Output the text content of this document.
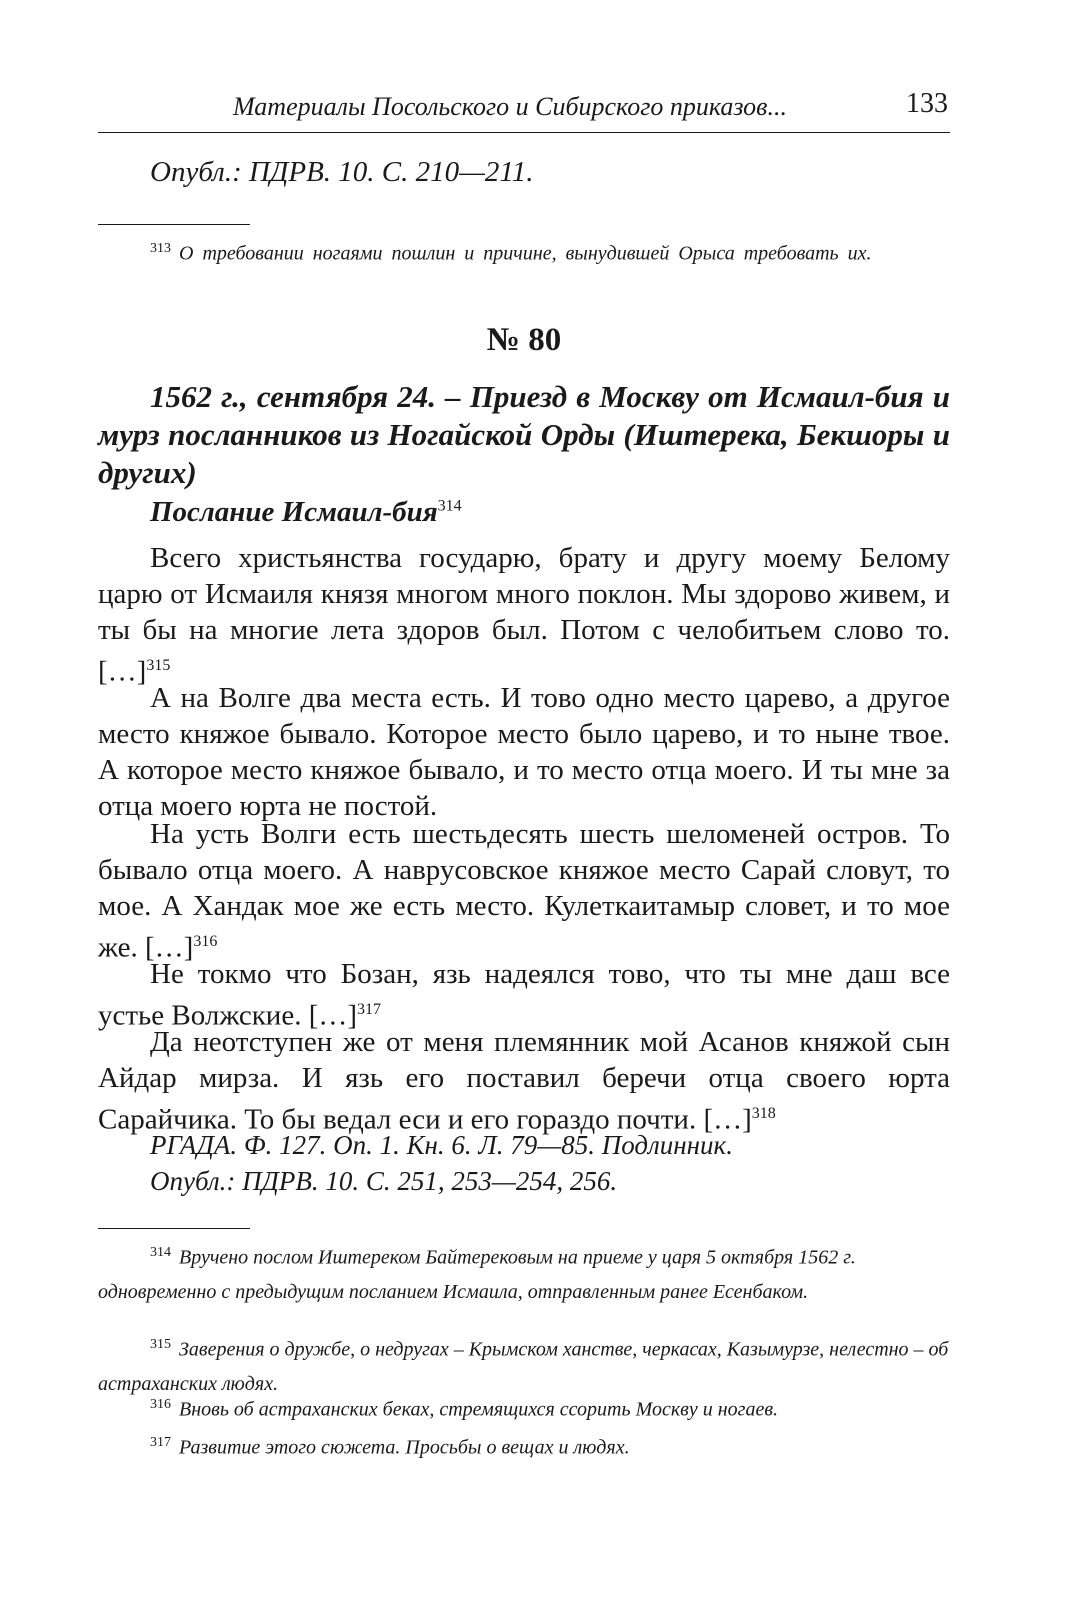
Материалы Посольского и Сибирского приказов...	133
Опубл.: ПДРВ. 10. С. 210—211.
$^{313}$ О требовании ногаями пошлин и причине, вынудившей Орыса требовать их.
№ 80
1562 г., сентября 24. – Приезд в Москву от Исмаил-бия и мурз посланников из Ногайской Орды (Иштерека, Бекшоры и других)
Послание Исмаил-бия$^{314}$
Всего христьянства государю, брату и другу моему Белому царю от Исмаиля князя многом много поклон. Мы здорово живем, и ты бы на многие лета здоров был. Потом с челобитьем слово то. […]$^{315}$
А на Волге два места есть. И тово одно место царево, а другое место княжое бывало. Которое место было царево, и то ныне твое. А которое место княжое бывало, и то место отца моего. И ты мне за отца моего юрта не постой.
На усть Волги есть шестьдесять шесть шеломеней остров. То бывало отца моего. А наврусовское княжое место Сарай словут, то мое. А Хандак мое же есть место. Кулеткаитамыр словет, и то мое же. […]$^{316}$
Не токмо что Бозан, язь надеялся тово, что ты мне даш все устье Волжские. […]$^{317}$
Да неотступен же от меня племянник мой Асанов княжой сын Айдар мирза. И язь его поставил беречи отца своего юрта Сарайчика. То бы ведал еси и его гораздо почти. […]$^{318}$
РГАДА. Ф. 127. Оп. 1. Кн. 6. Л. 79—85. Подлинник.
Опубл.: ПДРВ. 10. С. 251, 253—254, 256.
$^{314}$ Вручено послом Иштереком Байтерековым на приеме у царя 5 октября 1562 г. одновременно с предыдущим посланием Исмаила, отправленным ранее Есенбаком.
$^{315}$ Заверения о дружбе, о недругах – Крымском ханстве, черкасах, Казымурзе, нелестно – об астраханских людях.
$^{316}$ Вновь об астраханских беках, стремящихся ссорить Москву и ногаев.
$^{317}$ Развитие этого сюжета. Просьбы о вещах и людях.
